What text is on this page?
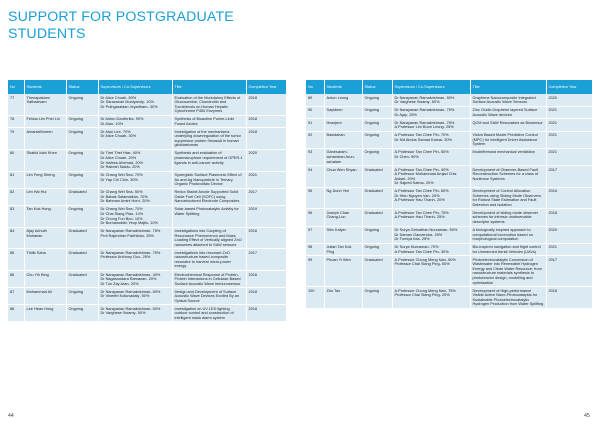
SUPPORT FOR POSTGRADUATE STUDENTS
No	Students	Status	Supervisors / Co-Supervisors	Title	Completion Year
77	Thenapakiam Sathasivam	Ongoing	Dr Alice Chuah- 60%
Dr Saravanan Muniyandy- 10%
Dr Puthgaraidan Jeyartham- 30%	Evaluation of the Modulatory Effects of Glucosamine, Chondroitin and Tocotrienols on Human Hepatic Cytochrome P450 Enzymes	2018
78	Felicia Lim Phei Lin	Ongoing	Dr Anton Dzulferiks- 90%
Dr Alan- 10%	Synthesis of Bioactive Purine-Linkt Fused Azoles	2018
79	AmaniaMoreen	Ongoing	Dr Alan Lee- 70%
Dr Alice Chuah- 30%	Investigation of the mechanisms underlying downregulation of the tumor suppressor protein SerasaA in human glioblastomas	2018
80	Shaiful Idah Khen	Ongoing	Dr Thet Thet Htar- 40%
Dr Alice Chuah- 20%
Dr Hafees Ahemad- 20%
Dr Rakesh Naidu- 20%	Synthesis and evaluation of pharmacophore requirement of GPER-1 ligands in anti-cancer activity	2020
81	Lim Feng Sheng	Ongoing	Dr Chang Wei Sea- 70%
Dr Yap Chi Chin- 30%	Synergistic Surface Plasmonic Effect of Au and Ag Nanoparticle in Ternary Organic Photovoltaic Device	2021
82	Lim Hai Hui	Graduated	Dr Chang Wei Sea- 50%
Dr Babak Salamatinia- 70%
Dr Bahman Amini Horri- 20%	Redox Stable Anode Supported Solid Oxide Fuel Cell (SOFC) using Nanostructured Electrode Composites	2017
83	Tan Kok Hong	Ongoing	Dr Chang Wei Sea- 70%
Dr Chai Siang Piao- 10%
Dr Chong Fun Boo- 10%
Dr Burhanuddin Yeop Majlis- 10%	Solar-based Photocatalytic Activity for Water Splitting	2019
84	Ajay Achuth Mohanan	Graduated	Dr Narayanan Ramakrishnan- 75%
Prof Rajendran Parthiban- 25%	Investigations into Coupling of Resonance Phenomenon and Mass Loading Effect of Vertically aligned ZnO nanowires attached to SAW sensors	2016
85	Thilib Saha	Graduated	Dr Narayanan Ramakrishnan- 75%
Professor Anthony Guo- 25%	Investigations into resonant ZnO nanostructure based composite resonator to harvest micro-power energy	2017
86	Chu Yih Bing	Graduated	Dr Narayanan Ramakrishnan- 40%
Dr Nagasundara Ramanan- 20%
Dr Tun Zay Aran- 20%	Electrochemical Response of Protein-Protein Interactions in Cellulase Based Surface Acoustic Wave Immunosensor	2016
87	Mohammad Ali	Ongoing	Dr Narayanan Ramakrishnan- 50%
Dr Vineeth Kolluvadaly- 50%	Design and Development of Surface Acoustic Wave Devices Excited By an Optical Source	2018
88	Lee Hean Hong	Ongoing	Dr Narayanan Ramakrishnan- 50%
Dr Varghese Swamy- 50%	Investigation on UV LED lighting outdoor control and construction of intelligent mask alarm system	2018
No	Students	Status	Supervisors / Co-Supervisors	Title	Completion Year
89	Anton Leong	Ongoing	Dr Narayanan Ramakrishnan- 50%
Dr Varghese Swamy- 50%	Graphene Nanocomposite Integrated Surface Acoustic Wave Sensors	2020
90	Sayidnen	Ongoing	Dr Narayanan Ramakrishnan- 75%
Dr Ajay- 25%	Zinc Oxide-Graphene layered Surface Acoustic Wave devices	2021
91	Hosejem	Ongoing	Dr Narayanan Ramakrishnan- 75%
A.Professor Lim Boon Leong- 25%	QCM and SAW Resonators as Biosensor	2021
92	Basidahan	Ongoing	A.Professor Tan Chee Pin- 70%
Dr Md Abdus Samad Kamal- 30%	Vision Based Model Predictive Control (MPC) for Intelligent Driver Assistance System	2021
93	Ganesaram-achandran Arun-achalam	Ongoing	A.Professor Tan Chee Pin- 50%
Dr Chen- 50%	Modelfreeand mechanical ventilation	2021
94	Chua Wen Shyan	Graduated	A.Professor Tan Chee Pin- 40%
A.Professor Mohammad Amjad Chis Askari- 20%
Dr Sajeed Salma- 20%	Development of Observer-Based Fault Reconstruction Schemes for a class of Nonlinear Systems	2017
95	Ng Jiunn Yee	Graduated	A.Professor Tan Chee Pin- 60%
Dr Hieu Nguyen Van- 20%
A.Professor Hau Thanh- 20%	Development of Control Allocation Schemes using Sliding Mode Observers for Robust State Estimation and Fault Detection and Isolation	2016
96	Joseph Chan Chang-Lun	Graduated	A.Professor Tan Chee Pin- 75%
A.Professor Hau Thanh- 25%	Development of sliding mode observer schemes for intrinsic unobservable descriptor systems	2018
97	Shiv Kalyer	Ongoing	Dr Surya Girinathan Nurzaman- 50%
Dr Daman Gauvendra- 25%
Dr Fumiya Iida- 25%	A biologically inspired approach to computational locomotion based on morphological computation	2020
98	Julian Tan Kok Ping	Ongoing	Dr Surya Nurzaman- 70%
A.Professor Tan Chee Pin- 30%	Bio-inspired navigation and flight control for Unmanned Aerial Vehicles (UAVs)	2021
99	Phuan Yi Wen	Graduated	A.Professor Chong Meng Nan- 50%
Professor Chai Siang Ping- 50%	Photoelectrocatalytic Conversion of Wastewater into Renewable Hydrogen Energy and Clean Water Resource: from nanostructure materials synthesis to photoreactor design, modelling and optimisation	2017
100	Zhu Tao	Ongoing	A.Professor Chong Meng Nan- 75%
Professor Chai Siang Ping- 25%	Development of High-performance Visible Active Nano-Photocatalysts for Sustainable Photoelectrocatalytic Hydrogen Production from Water Splitting	2018
44	45
